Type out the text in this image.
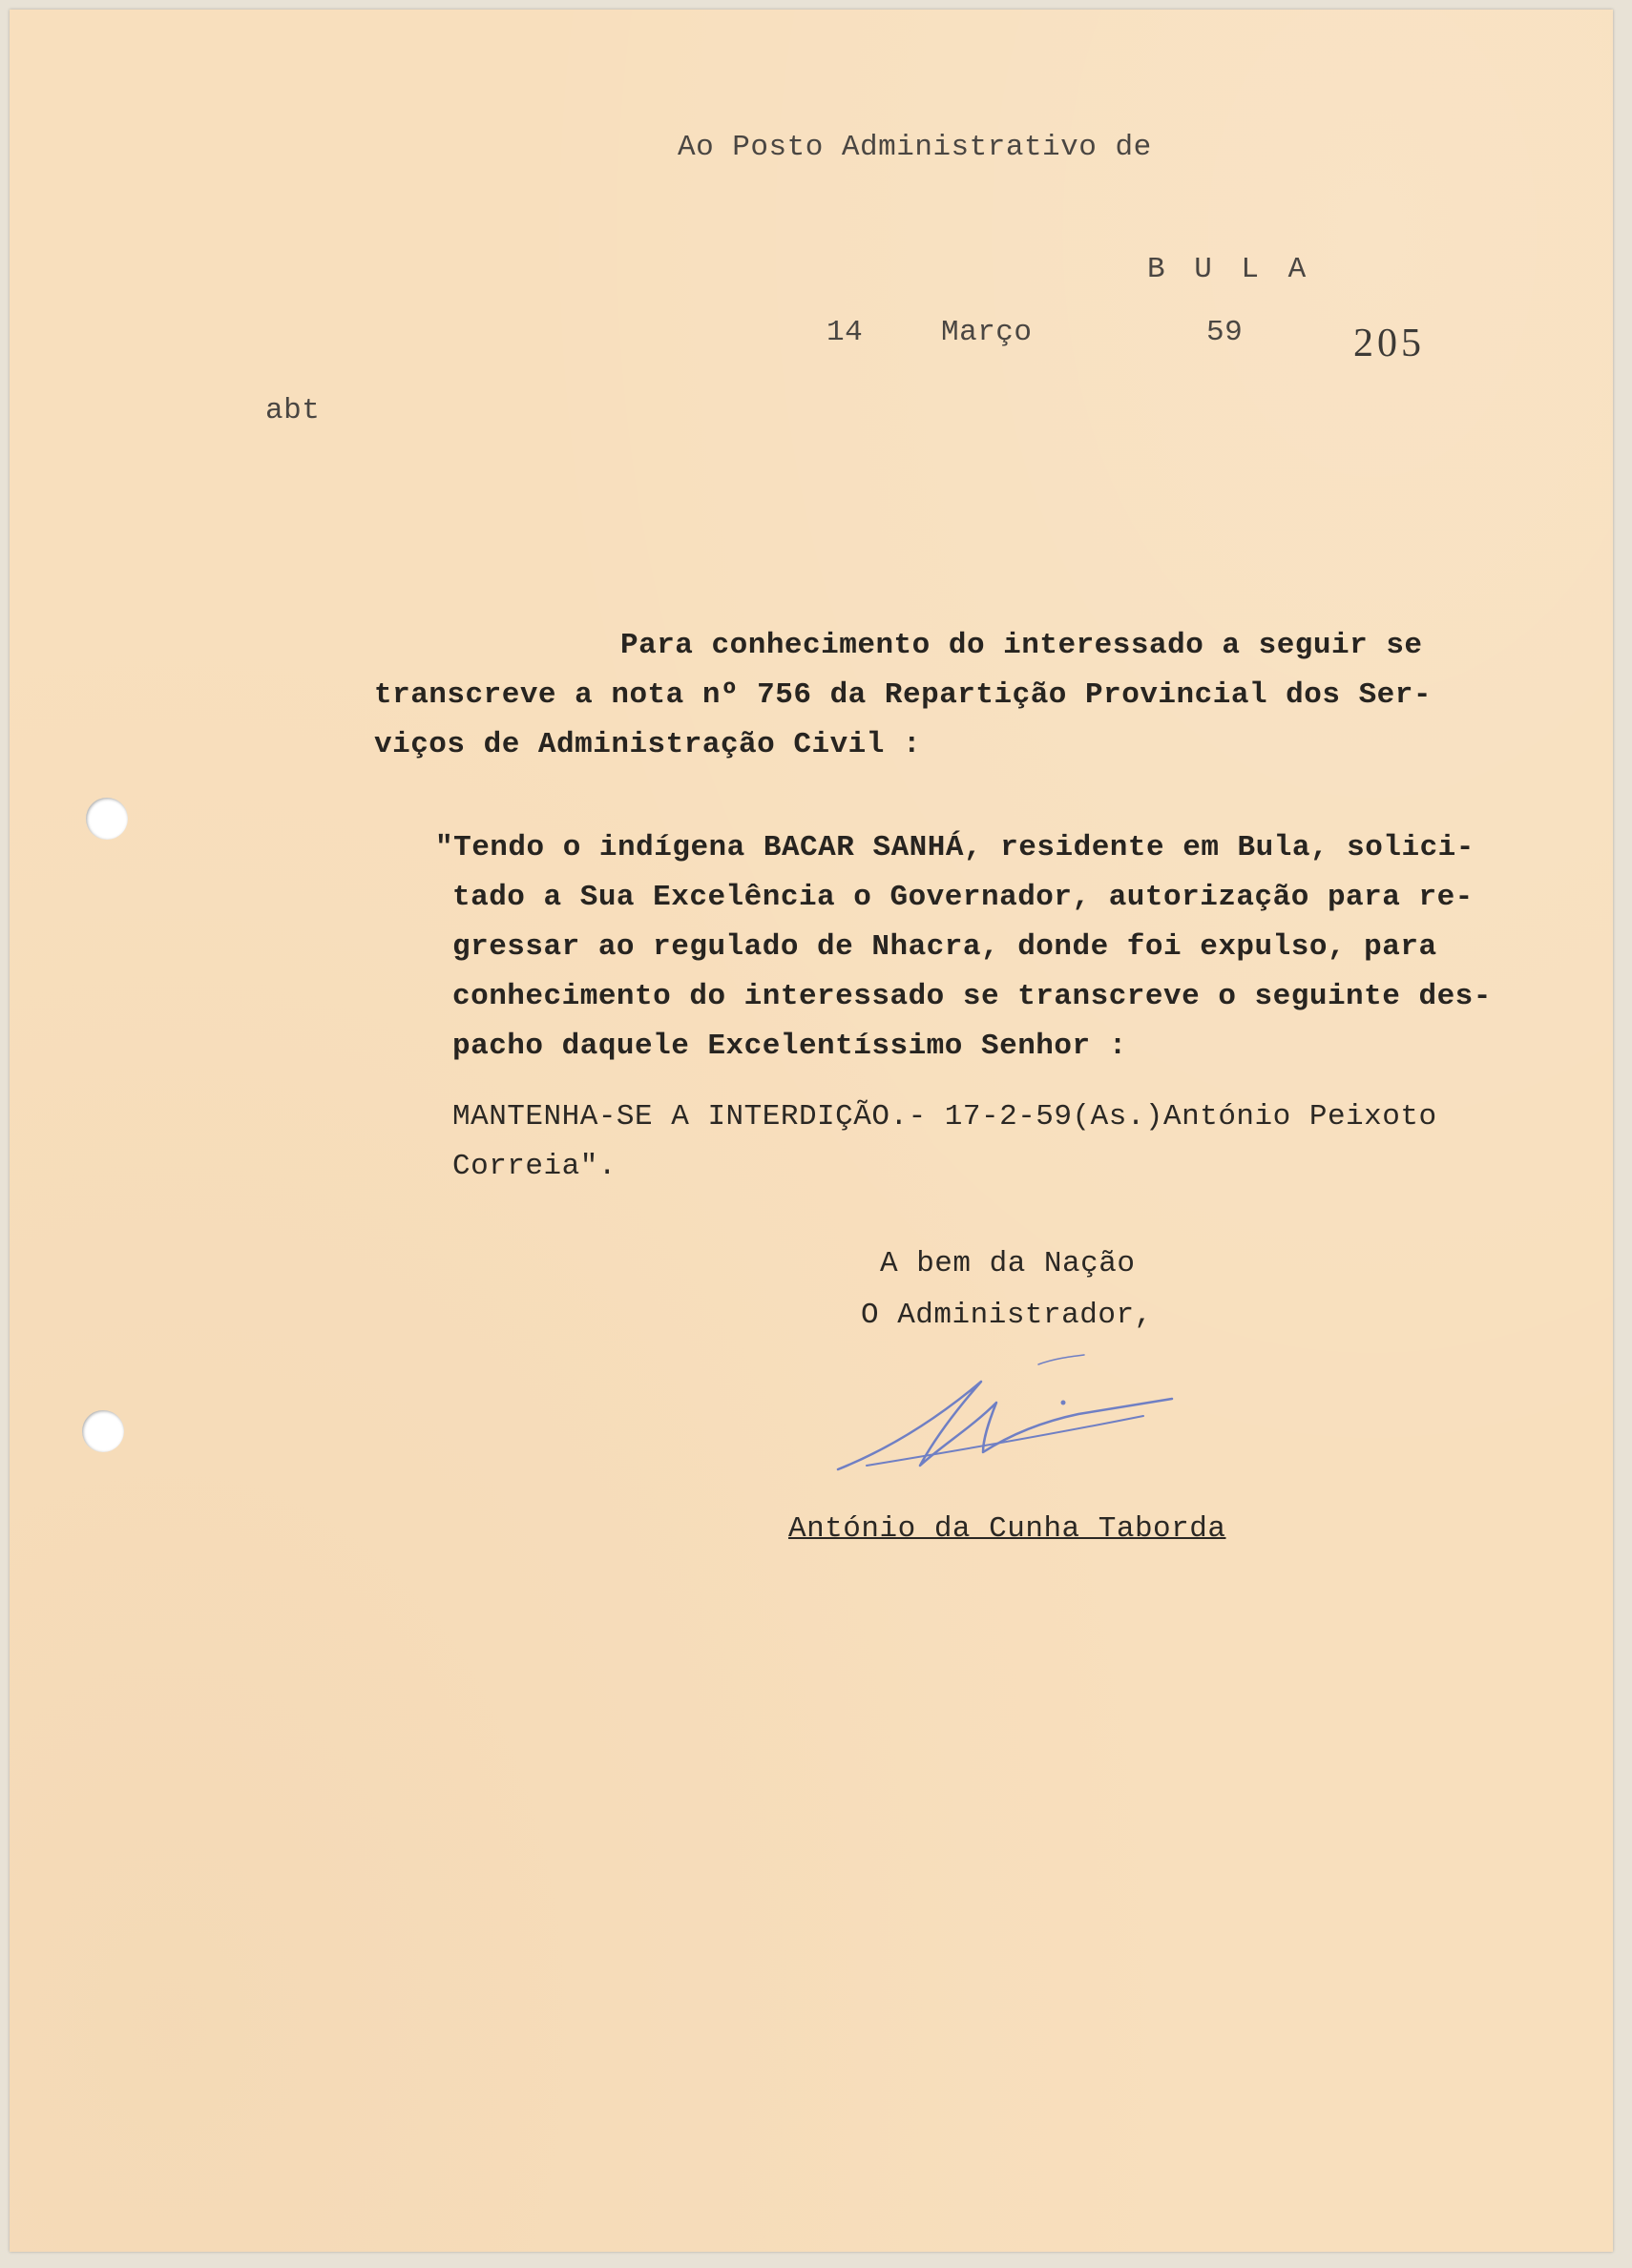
Ao Posto Administrativo de
B U L A
14	Março	59	205
abt
Para conhecimento do interessado a seguir se
transcreve a nota nº 756 da Repartição Provincial dos Ser-
viços de Administração Civil :
"Tendo o indígena BACAR SANHÁ, residente em Bula, solici-
tado a Sua Excelência o Governador, autorização para re-
gressar ao regulado de Nhacra, donde foi expulso, para
conhecimento do interessado se transcreve o seguinte des-
pacho daquele Excelentíssimo Senhor :
MANTENHA-SE A INTERDIÇÃO.- 17-2-59(As.)António Peixoto
Correia".
A bem da Nação
O Administrador,
António da Cunha Taborda
